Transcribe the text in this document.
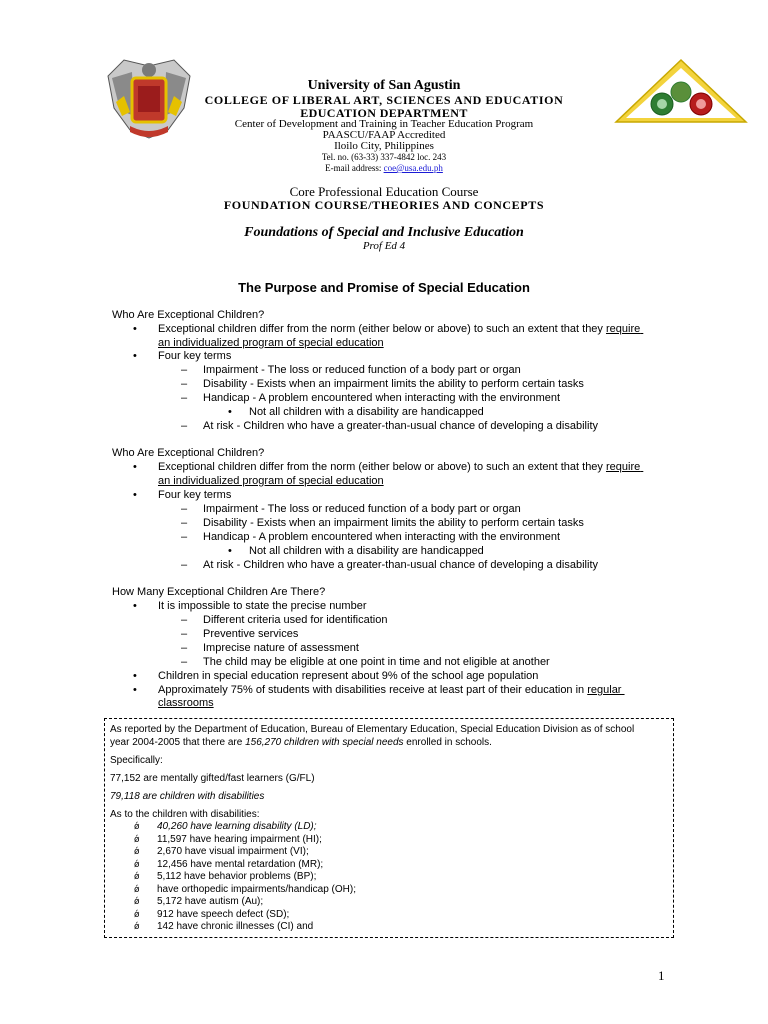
University of San Agustin
COLLEGE OF LIBERAL ART, SCIENCES AND EDUCATION
EDUCATION DEPARTMENT
Center of Development and Training in Teacher Education Program
PAASCU/FAAP Accredited
Iloilo City, Philippines
Tel. no. (63-33) 337-4842 loc. 243
E-mail address: coe@usa.edu.ph
Core Professional Education Course
FOUNDATION COURSE/THEORIES AND CONCEPTS
Foundations of Special and Inclusive Education
Prof Ed 4
The Purpose and Promise of Special Education
Who Are Exceptional Children?
• Exceptional children differ from the norm (either below or above) to such an extent that they require
an individualized program of special education
• Four key terms
– Impairment - The loss or reduced function of a body part or organ
– Disability - Exists when an impairment limits the ability to perform certain tasks
– Handicap - A problem encountered when interacting with the environment
• Not all children with a disability are handicapped
– At risk - Children who have a greater-than-usual chance of developing a disability
Who Are Exceptional Children?
• Exceptional children differ from the norm (either below or above) to such an extent that they require
an individualized program of special education
• Four key terms
– Impairment - The loss or reduced function of a body part or organ
– Disability - Exists when an impairment limits the ability to perform certain tasks
– Handicap - A problem encountered when interacting with the environment
• Not all children with a disability are handicapped
– At risk - Children who have a greater-than-usual chance of developing a disability
How Many Exceptional Children Are There?
• It is impossible to state the precise number
– Different criteria used for identification
– Preventive services
– Imprecise nature of assessment
– The child may be eligible at one point in time and not eligible at another
• Children in special education represent about 9% of the school age population
• Approximately 75% of students with disabilities receive at least part of their education in regular
classrooms
As reported by the Department of Education, Bureau of Elementary Education, Special Education Division as of school
year 2004-2005 that there are 156,270 children with special needs enrolled in schools.
Specifically:
77,152 are mentally gifted/fast learners (G/FL)
79,118 are children with disabilities
As to the children with disabilities:
ǿ 40,260 have learning disability (LD);
ǿ 11,597 have hearing impairment (HI);
ǿ 2,670 have visual impairment (VI);
ǿ 12,456 have mental retardation (MR);
ǿ 5,112 have behavior problems (BP);
ǿ have orthopedic impairments/handicap (OH);
ǿ 5,172 have autism (Au);
ǿ 912 have speech defect (SD);
ǿ 142 have chronic illnesses (CI) and
1
